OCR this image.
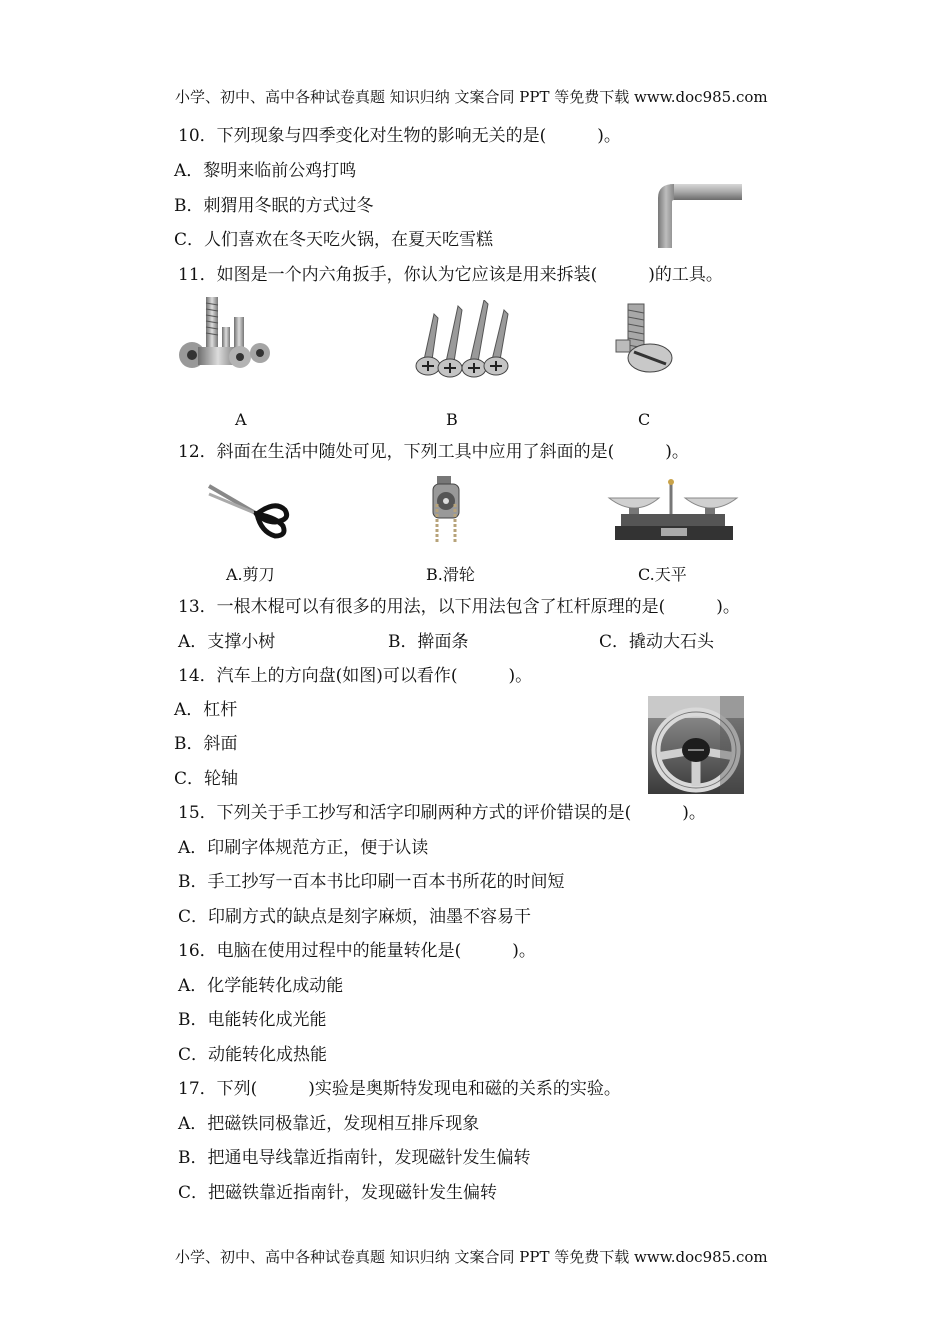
小学、初中、高中各种试卷真题 知识归纳 文案合同 PPT 等免费下载 www.doc985.com
10．下列现象与四季变化对生物的影响无关的是(　　　)。
A．黎明来临前公鸡打鸣
B．刺猬用冬眠的方式过冬
C．人们喜欢在冬天吃火锅，在夏天吃雪糕
11．如图是一个内六角扳手，你认为它应该是用来拆装(　　　)的工具。
A	B	C
12．斜面在生活中随处可见，下列工具中应用了斜面的是(　　　)。
A.剪刀	B.滑轮	C.天平
13．一根木棍可以有很多的用法，以下用法包含了杠杆原理的是(　　　)。
A．支撑小树	B．擀面条	C．撬动大石头
14．汽车上的方向盘(如图)可以看作(　　　)。
A．杠杆
B．斜面
C．轮轴
15．下列关于手工抄写和活字印刷两种方式的评价错误的是(　　　)。
A．印刷字体规范方正，便于认读
B．手工抄写一百本书比印刷一百本书所花的时间短
C．印刷方式的缺点是刻字麻烦，油墨不容易干
16．电脑在使用过程中的能量转化是(　　　)。
A．化学能转化成动能
B．电能转化成光能
C．动能转化成热能
17．下列(　　　)实验是奥斯特发现电和磁的关系的实验。
A．把磁铁同极靠近，发现相互排斥现象
B．把通电导线靠近指南针，发现磁针发生偏转
C．把磁铁靠近指南针，发现磁针发生偏转
小学、初中、高中各种试卷真题 知识归纳 文案合同 PPT 等免费下载 www.doc985.com
